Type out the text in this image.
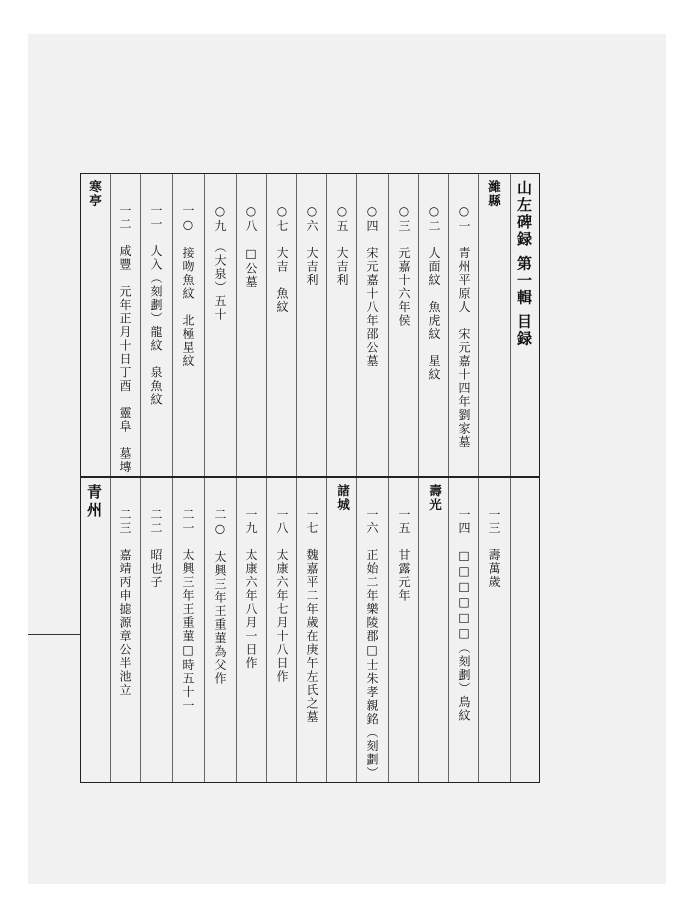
山左碑録 第一輯 目録
濰縣
○一　青州平原人　宋元嘉十四年劉家墓
○二　人面紋　魚虎紋　星紋
○三　元嘉十六年侯
○四　宋元嘉十八年邵公墓
○五　大吉利
○六　大吉利
○七　大吉　魚紋
○八　□公墓
○九　（大泉）五十
一○　接吻魚紋　北極星紋
一一　人入（刻劃）龍紋　泉魚紋
一二　咸豐　元年正月十日丁酉　靈阜　墓塼
寒亭
一三　壽萬歲
一四　□□□□□□（刻劃）鳥紋
壽光
一五　甘露元年
一六　正始二年樂陵郡□士朱孝親銘（刻劃）
諸城
一七　魏嘉平二年歲在庚午左氏之墓
一八　太康六年七月十八日作
一九　太康六年八月一日作
二○　太興三年王重菫為父作
二一　太興三年王重菫□時五十一
二二　昭也子
二三　嘉靖丙申摅源章公半池立
青州
